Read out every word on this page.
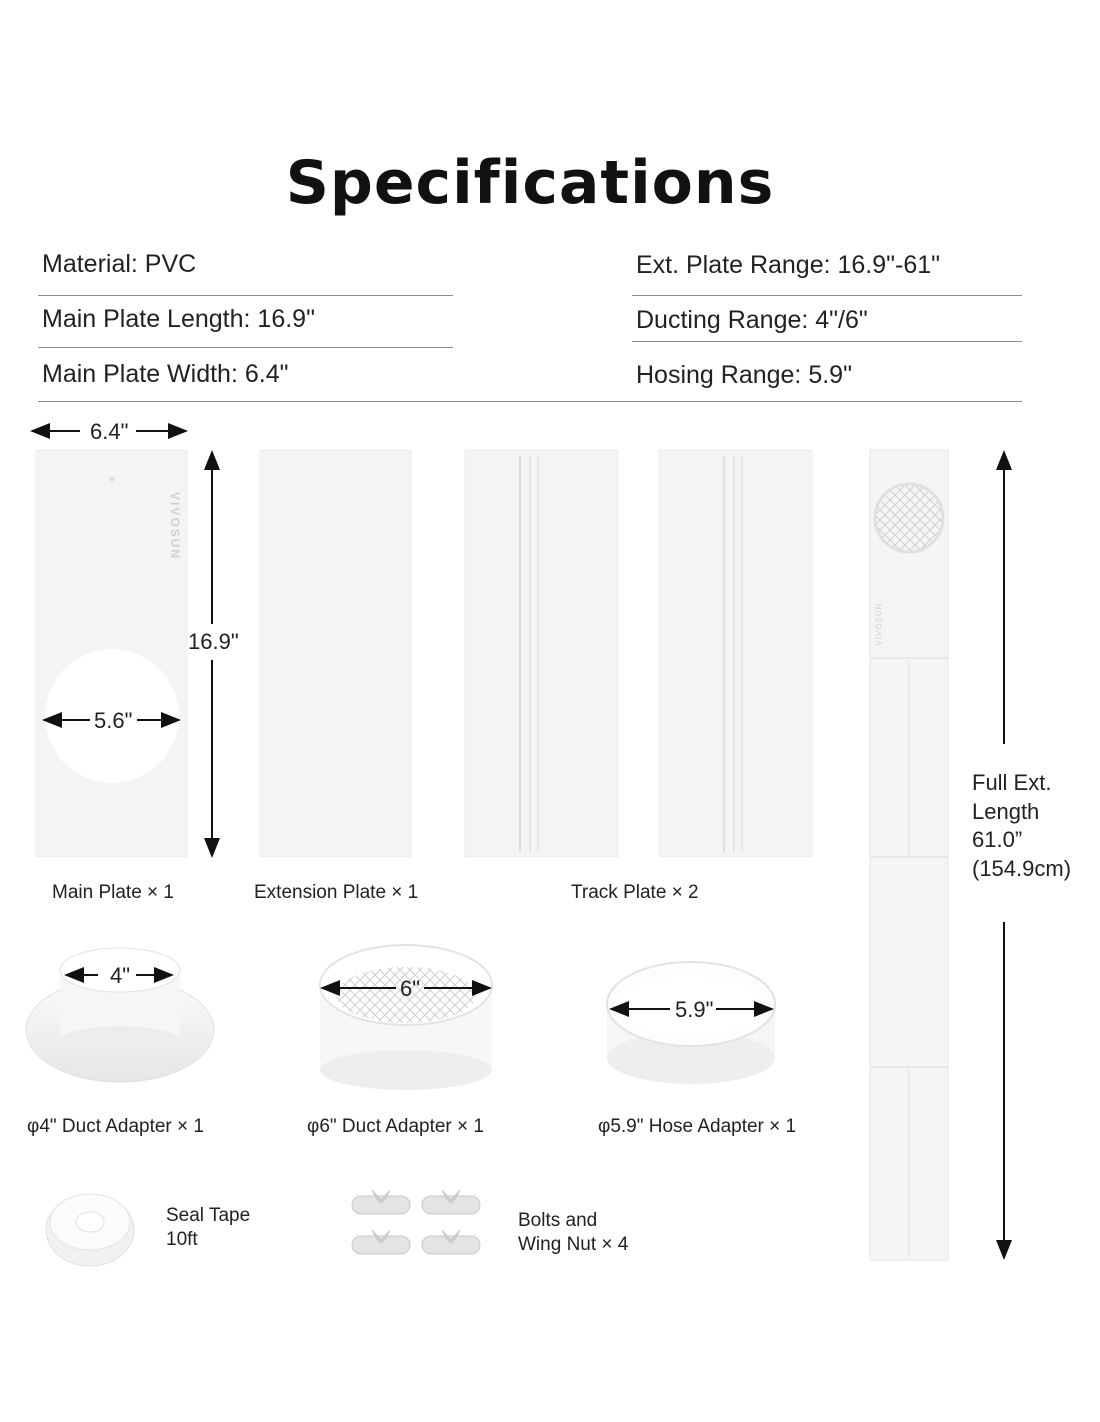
Specifications
Material: PVC
Main Plate Length: 16.9"
Main Plate Width: 6.4"
Ext. Plate Range: 16.9"-61"
Ducting Range: 4"/6"
Hosing Range: 5.9"
VIVOSUN
VIVOSUN
6.4"
16.9"
5.6"
4"
6"
5.9"
Full Ext.
Length
61.0”
(154.9cm)
Main Plate × 1	Extension Plate × 1	Track Plate × 2
φ4" Duct Adapter × 1	φ6" Duct Adapter × 1	φ5.9" Hose Adapter × 1
Seal Tape
10ft
Bolts and
Wing Nut × 4
